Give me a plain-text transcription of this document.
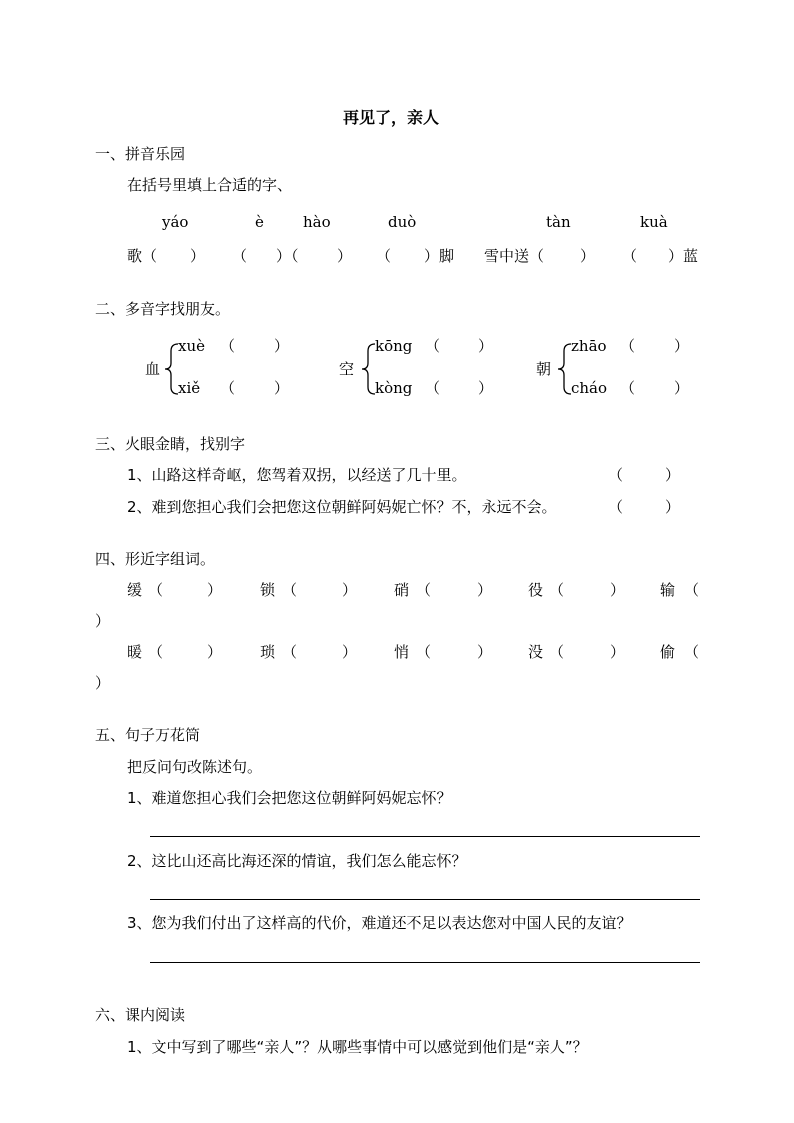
再见了，亲人
一、拼音乐园
在括号里填上合适的字、
yáo	è	hào	duò	tàn	kuà
歌（ ） （ ）（	） （ ）脚 雪中送（ ） （ ）蓝
二、多音字找朋友。
血
xuè （	）
xiě （	）
空
kōng （	）
kòng （	）
朝
zhāo （	）
cháo （	）
三、火眼金睛，找别字
1、山路这样奇岖，您驾着双拐，以经送了几十里。	（	）
2、难到您担心我们会把您这位朝鲜阿妈妮亡怀？不，永远不会。	（	）
四、形近字组词。
缓 （	）	锁 （	） 硝 （	） 役 （	） 输 （
）
暖 （	）	琐 （	） 悄 （	） 没 （	） 偷 （
）
五、句子万花筒
把反问句改陈述句。
1、难道您担心我们会把您这位朝鲜阿妈妮忘怀？
2、这比山还高比海还深的情谊，我们怎么能忘怀？
3、您为我们付出了这样高的代价，难道还不足以表达您对中国人民的友谊？
六、课内阅读
1、文中写到了哪些“亲人”？从哪些事情中可以感觉到他们是“亲人”？
